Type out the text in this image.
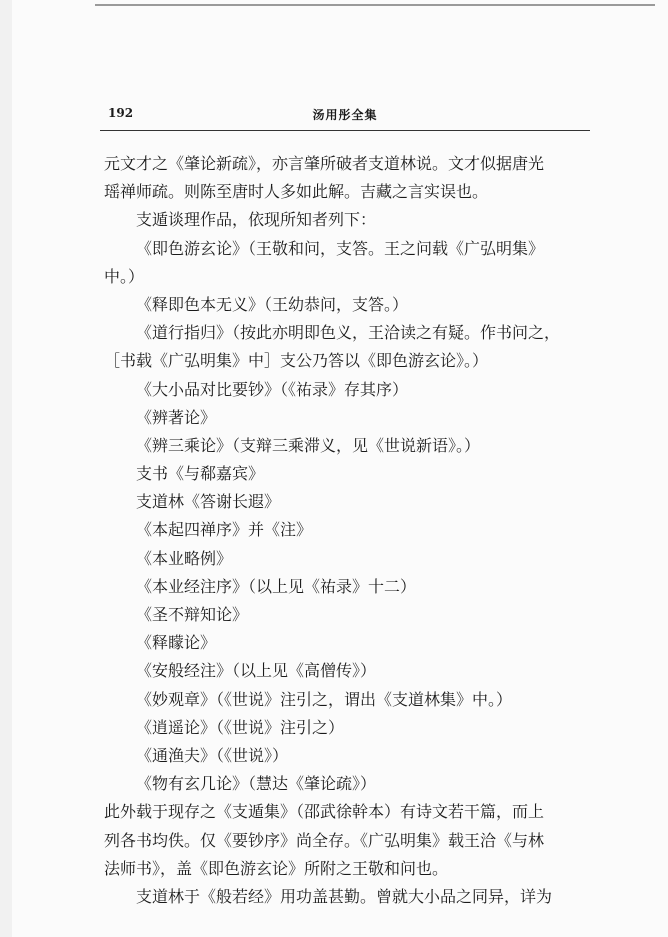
192	汤用彤全集
元文才之《肇论新疏》，亦言肇所破者支道林说。文才似据唐光
瑶禅师疏。则陈至唐时人多如此解。吉藏之言实误也。
支遁谈理作品，依现所知者列下：
《即色游玄论》（王敬和问，支答。王之问载《广弘明集》
中。）
《释即色本无义》（王幼恭问，支答。）
《道行指归》（按此亦明即色义，王洽读之有疑。作书问之，
［书载《广弘明集》中］支公乃答以《即色游玄论》。）
《大小品对比要钞》（《祐录》存其序）
《辨著论》
《辨三乘论》（支辩三乘滞义，见《世说新语》。）
支书《与郗嘉宾》
支道林《答谢长遐》
《本起四禅序》并《注》
《本业略例》
《本业经注序》（以上见《祐录》十二）
《圣不辩知论》
《释矇论》
《安般经注》（以上见《高僧传》）
《妙观章》（《世说》注引之，谓出《支道林集》中。）
《逍遥论》（《世说》注引之）
《通渔夫》（《世说》）
《物有玄几论》（慧达《肇论疏》）
此外载于现存之《支遁集》（邵武徐幹本）有诗文若干篇，而上
列各书均佚。仅《要钞序》尚全存。《广弘明集》载王洽《与林
法师书》，盖《即色游玄论》所附之王敬和问也。
支道林于《般若经》用功盖甚勤。曾就大小品之同异，详为
